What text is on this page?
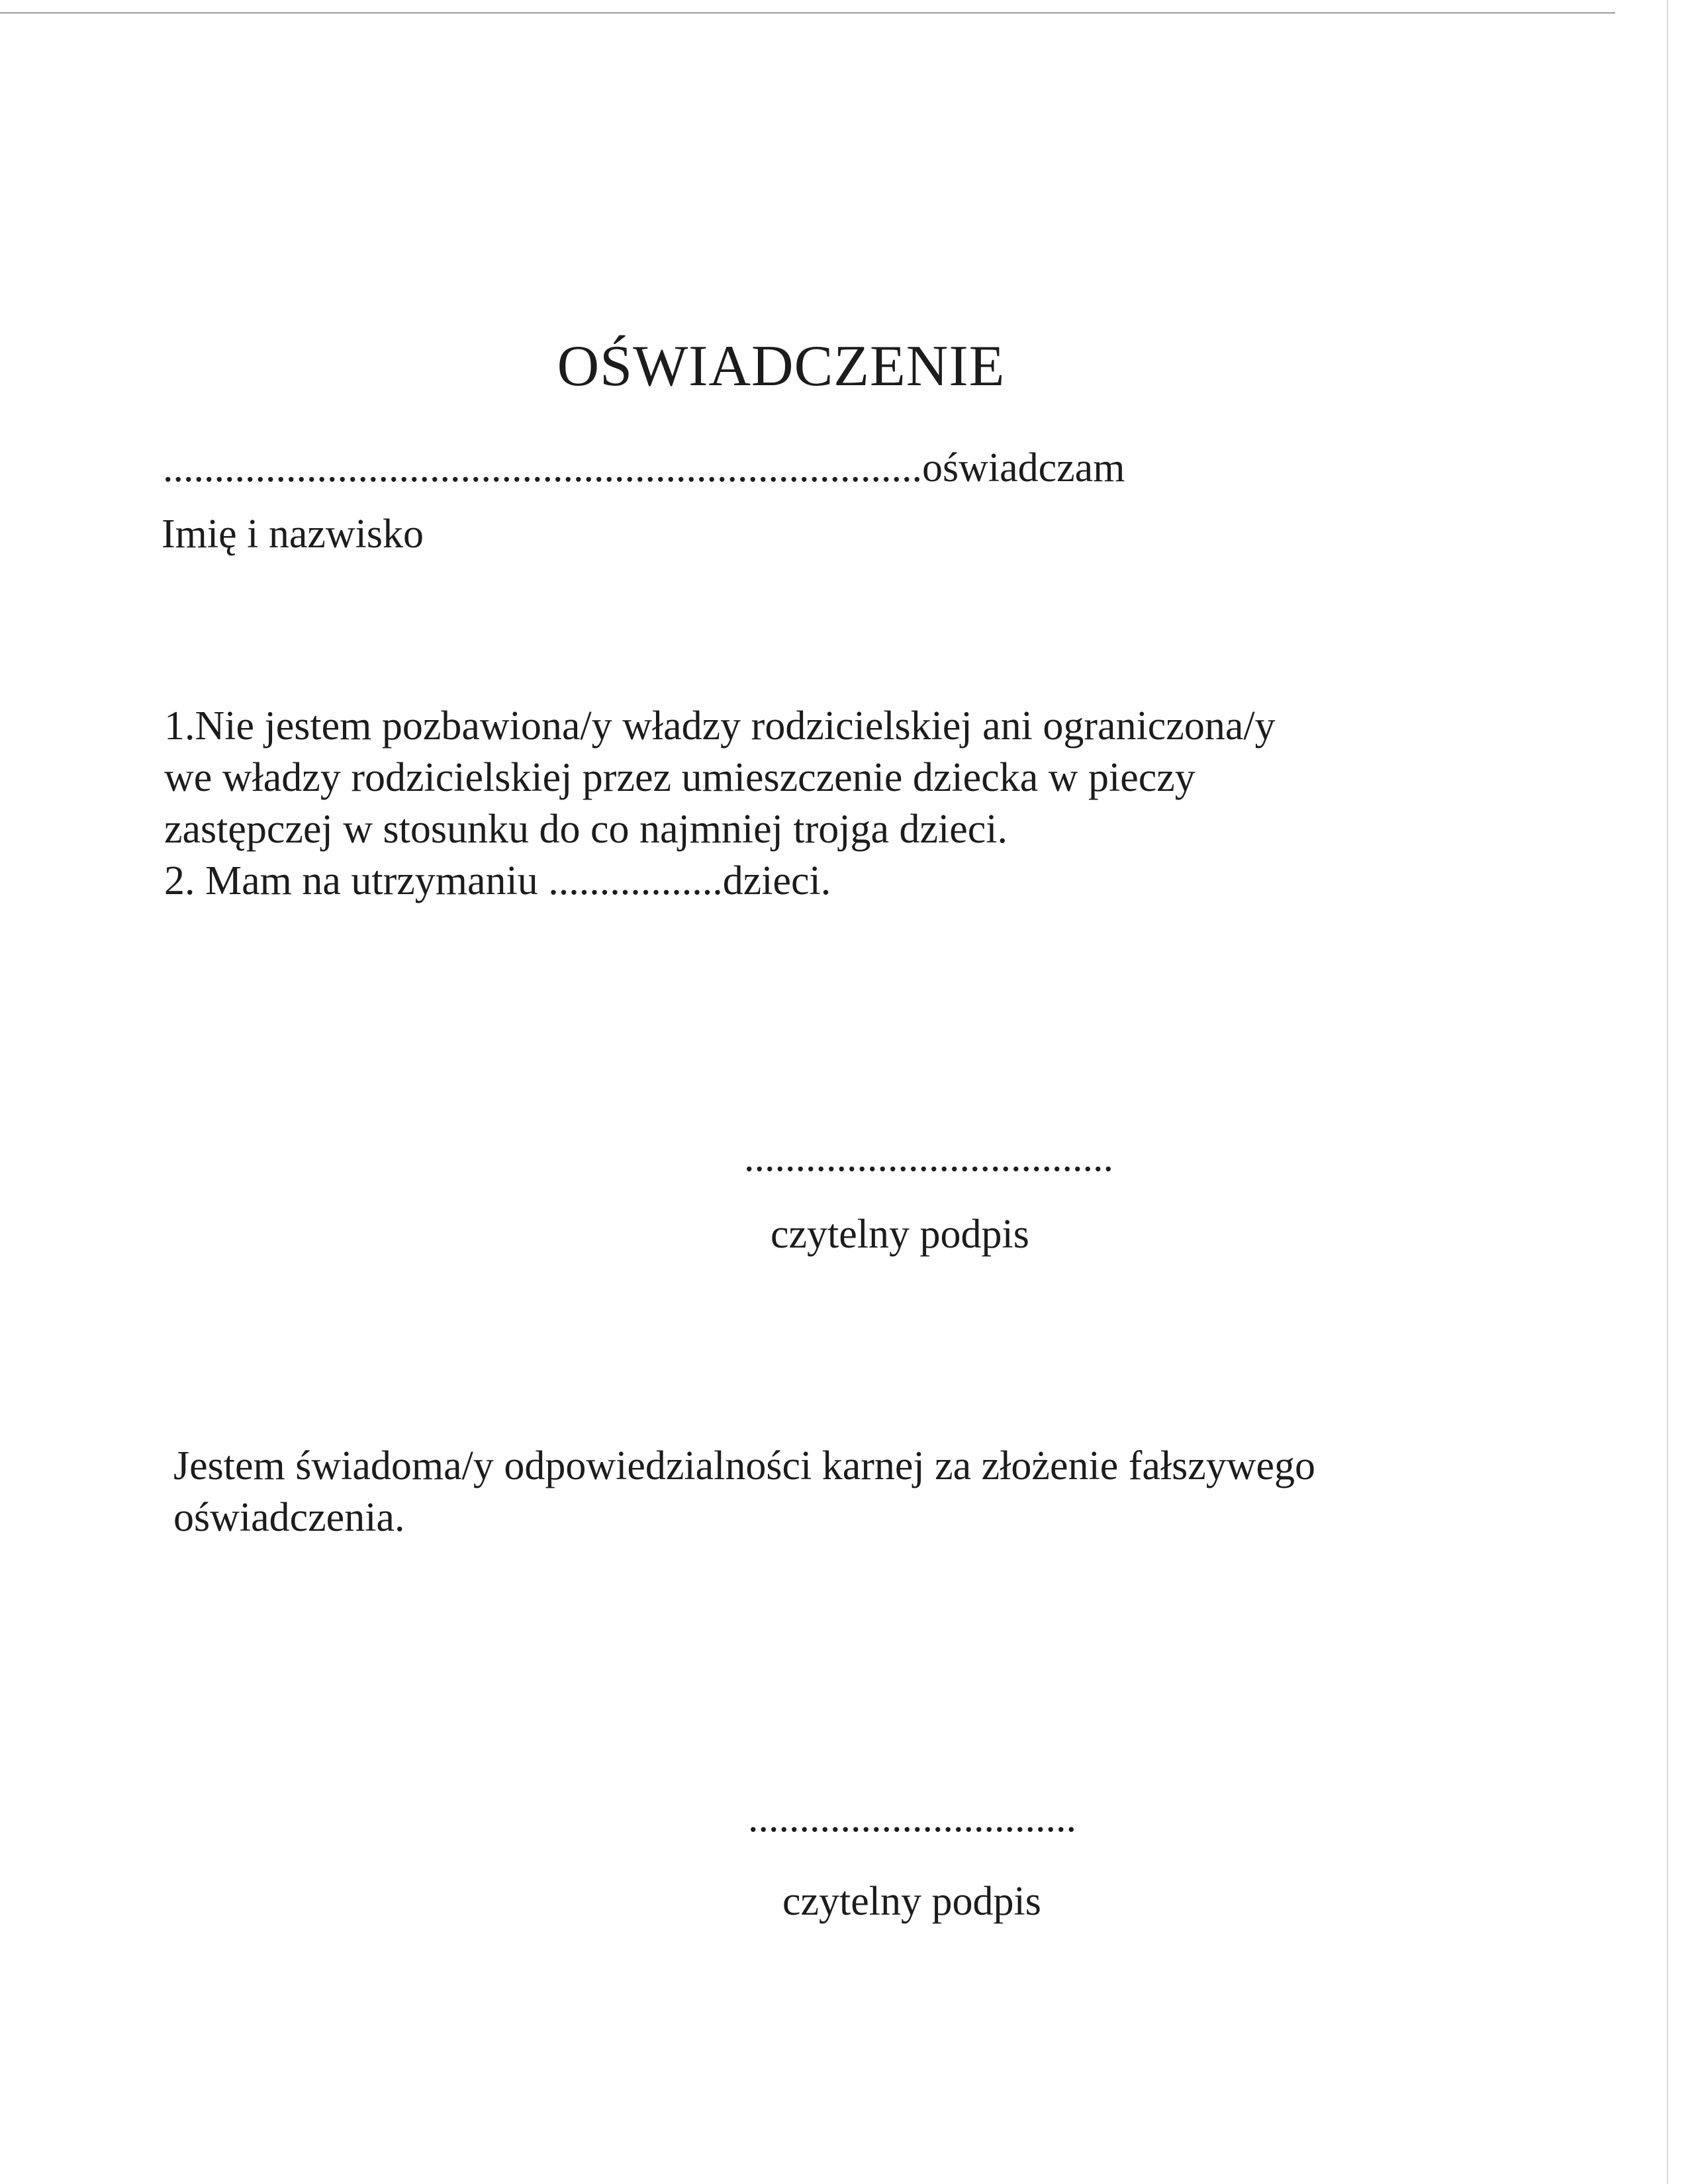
OŚWIADCZENIE
..........................................................................oświadczam
Imię i nazwisko
1.Nie jestem pozbawiona/y władzy rodzicielskiej ani ograniczona/y
we władzy rodzicielskiej przez umieszczenie dziecka w pieczy
zastępczej w stosunku do co najmniej trojga dzieci.
2. Mam na utrzymaniu .................dzieci.
....................................
czytelny podpis
Jestem świadoma/y odpowiedzialności karnej za złożenie fałszywego
oświadczenia.
................................
czytelny podpis
